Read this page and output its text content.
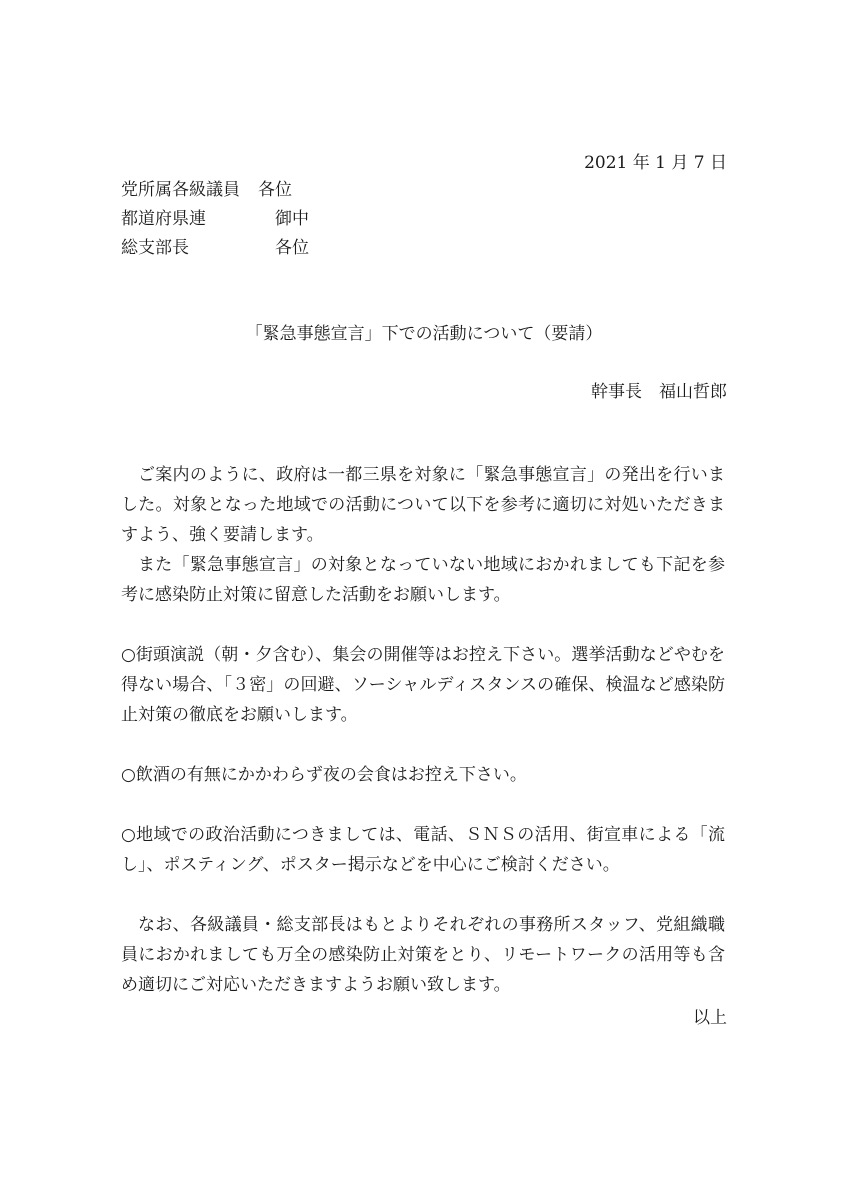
2021 年 1 月 7 日
党所属各級議員	各位
都道府県連	　御中
総支部長	　各位
「緊急事態宣言」下での活動について（要請）
幹事長　福山哲郎

ご案内のように、政府は一都三県を対象に「緊急事態宣言」の発出を行いました。対象となった地域での活動について以下を参考に適切に対処いただきますよう、強く要請します。

また「緊急事態宣言」の対象となっていない地域におかれましても下記を参考に感染防止対策に留意した活動をお願いします。

○街頭演説（朝・夕含む）、集会の開催等はお控え下さい。選挙活動などやむを得ない場合、「３密」の回避、ソーシャルディスタンスの確保、検温など感染防止対策の徹底をお願いします。

○飲酒の有無にかかわらず夜の会食はお控え下さい。

○地域での政治活動につきましては、電話、ＳＮＳの活用、街宣車による「流し」、ポスティング、ポスター掲示などを中心にご検討ください。

なお、各級議員・総支部長はもとよりそれぞれの事務所スタッフ、党組織職員におかれましても万全の感染防止対策をとり、リモートワークの活用等も含め適切にご対応いただきますようお願い致します。

以上
